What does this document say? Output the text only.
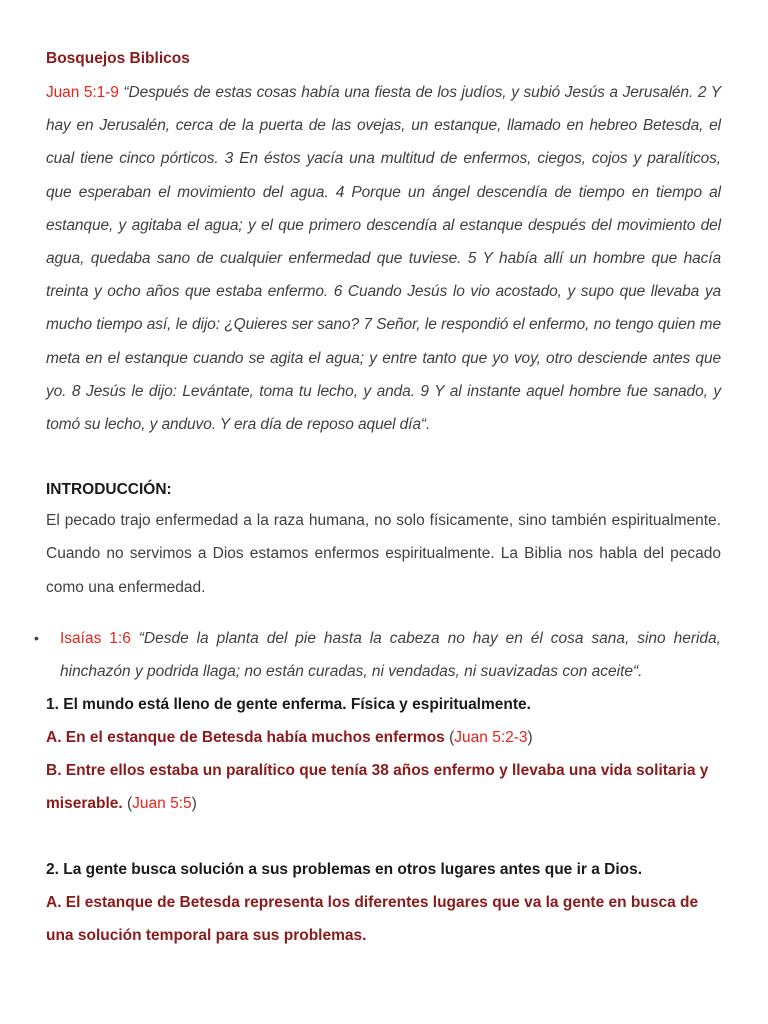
Bosquejos Biblicos

Juan 5:1-9 “Después de estas cosas había una fiesta de los judíos, y subió Jesús a Jerusalén. 2 Y hay en Jerusalén, cerca de la puerta de las ovejas, un estanque, llamado en hebreo Betesda, el cual tiene cinco pórticos. 3 En éstos yacía una multitud de enfermos, ciegos, cojos y paralíticos, que esperaban el movimiento del agua. 4 Porque un ángel descendía de tiempo en tiempo al estanque, y agitaba el agua; y el que primero descendía al estanque después del movimiento del agua, quedaba sano de cualquier enfermedad que tuviese. 5 Y había allí un hombre que hacía treinta y ocho años que estaba enfermo. 6 Cuando Jesús lo vio acostado, y supo que llevaba ya mucho tiempo así, le dijo: ¿Quieres ser sano? 7 Señor, le respondió el enfermo, no tengo quien me meta en el estanque cuando se agita el agua; y entre tanto que yo voy, otro desciende antes que yo. 8 Jesús le dijo: Levántate, toma tu lecho, y anda. 9 Y al instante aquel hombre fue sanado, y tomó su lecho, y anduvo. Y era día de reposo aquel día“.

INTRODUCCIÓN:

El pecado trajo enfermedad a la raza humana, no solo físicamente, sino también espiritualmente. Cuando no servimos a Dios estamos enfermos espiritualmente. La Biblia nos habla del pecado como una enfermedad.

• Isaías 1:6 “Desde la planta del pie hasta la cabeza no hay en él cosa sana, sino herida, hinchazón y podrida llaga; no están curadas, ni vendadas, ni suavizadas con aceite“.

1. El mundo está lleno de gente enferma. Física y espiritualmente.

A. En el estanque de Betesda había muchos enfermos (Juan 5:2-3)

B. Entre ellos estaba un paralítico que tenía 38 años enfermo y llevaba una vida solitaria y miserable. (Juan 5:5)

2. La gente busca solución a sus problemas en otros lugares antes que ir a Dios.

A. El estanque de Betesda representa los diferentes lugares que va la gente en busca de una solución temporal para sus problemas.
